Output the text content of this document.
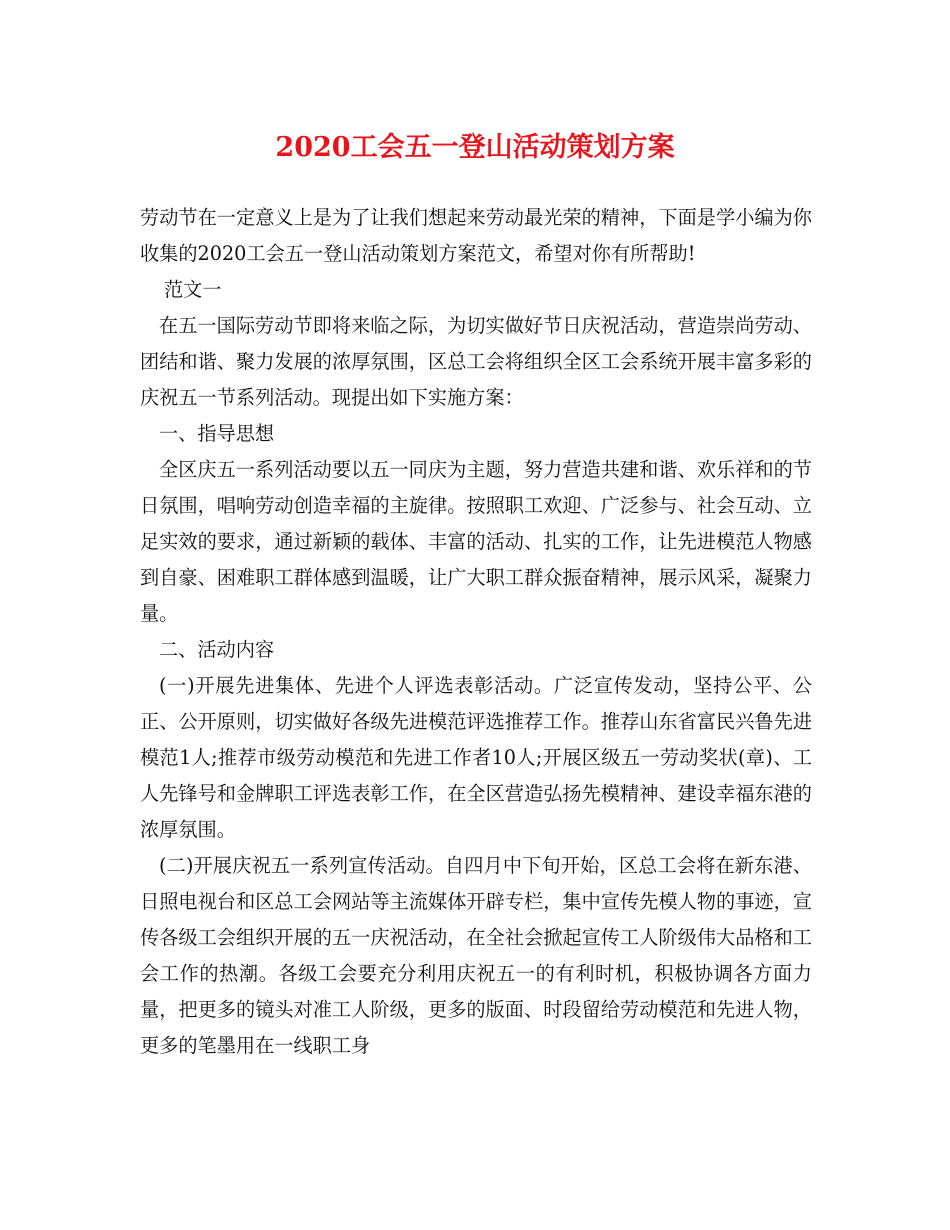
2020工会五一登山活动策划方案

劳动节在一定意义上是为了让我们想起来劳动最光荣的精神，下面是学小编为你收集的2020工会五一登山活动策划方案范文，希望对你有所帮助!

范文一

在五一国际劳动节即将来临之际，为切实做好节日庆祝活动，营造崇尚劳动、团结和谐、聚力发展的浓厚氛围，区总工会将组织全区工会系统开展丰富多彩的庆祝五一节系列活动。现提出如下实施方案：

一、指导思想

全区庆五一系列活动要以五一同庆为主题，努力营造共建和谐、欢乐祥和的节日氛围，唱响劳动创造幸福的主旋律。按照职工欢迎、广泛参与、社会互动、立足实效的要求，通过新颖的载体、丰富的活动、扎实的工作，让先进模范人物感到自豪、困难职工群体感到温暖，让广大职工群众振奋精神，展示风采，凝聚力量。

二、活动内容

(一)开展先进集体、先进个人评选表彰活动。广泛宣传发动，坚持公平、公正、公开原则，切实做好各级先进模范评选推荐工作。推荐山东省富民兴鲁先进模范1人;推荐市级劳动模范和先进工作者10人;开展区级五一劳动奖状(章)、工人先锋号和金牌职工评选表彰工作，在全区营造弘扬先模精神、建设幸福东港的浓厚氛围。

(二)开展庆祝五一系列宣传活动。自四月中下旬开始，区总工会将在新东港、日照电视台和区总工会网站等主流媒体开辟专栏，集中宣传先模人物的事迹，宣传各级工会组织开展的五一庆祝活动，在全社会掀起宣传工人阶级伟大品格和工会工作的热潮。各级工会要充分利用庆祝五一的有利时机，积极协调各方面力量，把更多的镜头对准工人阶级，更多的版面、时段留给劳动模范和先进人物，更多的笔墨用在一线职工身
